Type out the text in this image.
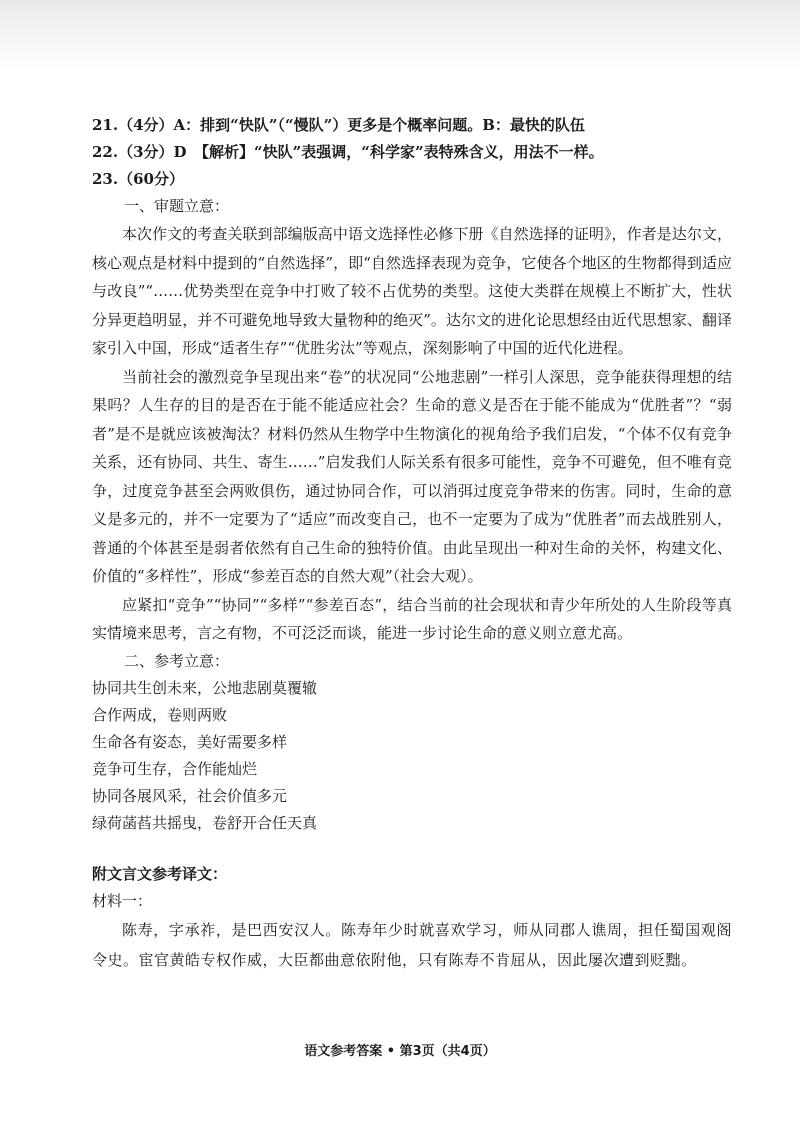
21.（4分）A：排到“快队”（“慢队”）更多是个概率问题。B：最快的队伍

22.（3分）D　【解析】“快队”表强调，“科学家”表特殊含义，用法不一样。

23.（60分）

一、审题立意：

本次作文的考查关联到部编版高中语文选择性必修下册《自然选择的证明》，作者是达尔文，核心观点是材料中提到的“自然选择”，即“自然选择表现为竞争，它使各个地区的生物都得到适应与改良”“……优势类型在竞争中打败了较不占优势的类型。这使大类群在规模上不断扩大，性状分异更趋明显，并不可避免地导致大量物种的绝灭”。达尔文的进化论思想经由近代思想家、翻译家引入中国，形成“适者生存”“优胜劣汰”等观点，深刻影响了中国的近代化进程。

当前社会的激烈竞争呈现出来“卷”的状况同“公地悲剧”一样引人深思，竞争能获得理想的结果吗？人生存的目的是否在于能不能适应社会？生命的意义是否在于能不能成为“优胜者”？“弱者”是不是就应该被淘汰？材料仍然从生物学中生物演化的视角给予我们启发，“个体不仅有竞争关系，还有协同、共生、寄生……”启发我们人际关系有很多可能性，竞争不可避免，但不唯有竞争，过度竞争甚至会两败俱伤，通过协同合作，可以消弭过度竞争带来的伤害。同时，生命的意义是多元的，并不一定要为了“适应”而改变自己，也不一定要为了成为“优胜者”而去战胜别人，普通的个体甚至是弱者依然有自己生命的独特价值。由此呈现出一种对生命的关怀，构建文化、价值的“多样性”，形成“参差百态的自然大观”（社会大观）。

应紧扣“竞争”“协同”“多样”“参差百态”，结合当前的社会现状和青少年所处的人生阶段等真实情境来思考，言之有物，不可泛泛而谈，能进一步讨论生命的意义则立意尤高。

二、参考立意：

协同共生创未来，公地悲剧莫覆辙

合作两成，卷则两败

生命各有姿态，美好需要多样

竞争可生存，合作能灿烂

协同各展风采，社会价值多元

绿荷菡萏共摇曳，卷舒开合任天真

附文言文参考译文：

材料一：

陈寿，字承祚，是巴西安汉人。陈寿年少时就喜欢学习，师从同郡人谯周，担任蜀国观阁令史。宦官黄皓专权作威，大臣都曲意依附他，只有陈寿不肯屈从，因此屡次遭到贬黜。

语文参考答案 • 第3页（共4页）
